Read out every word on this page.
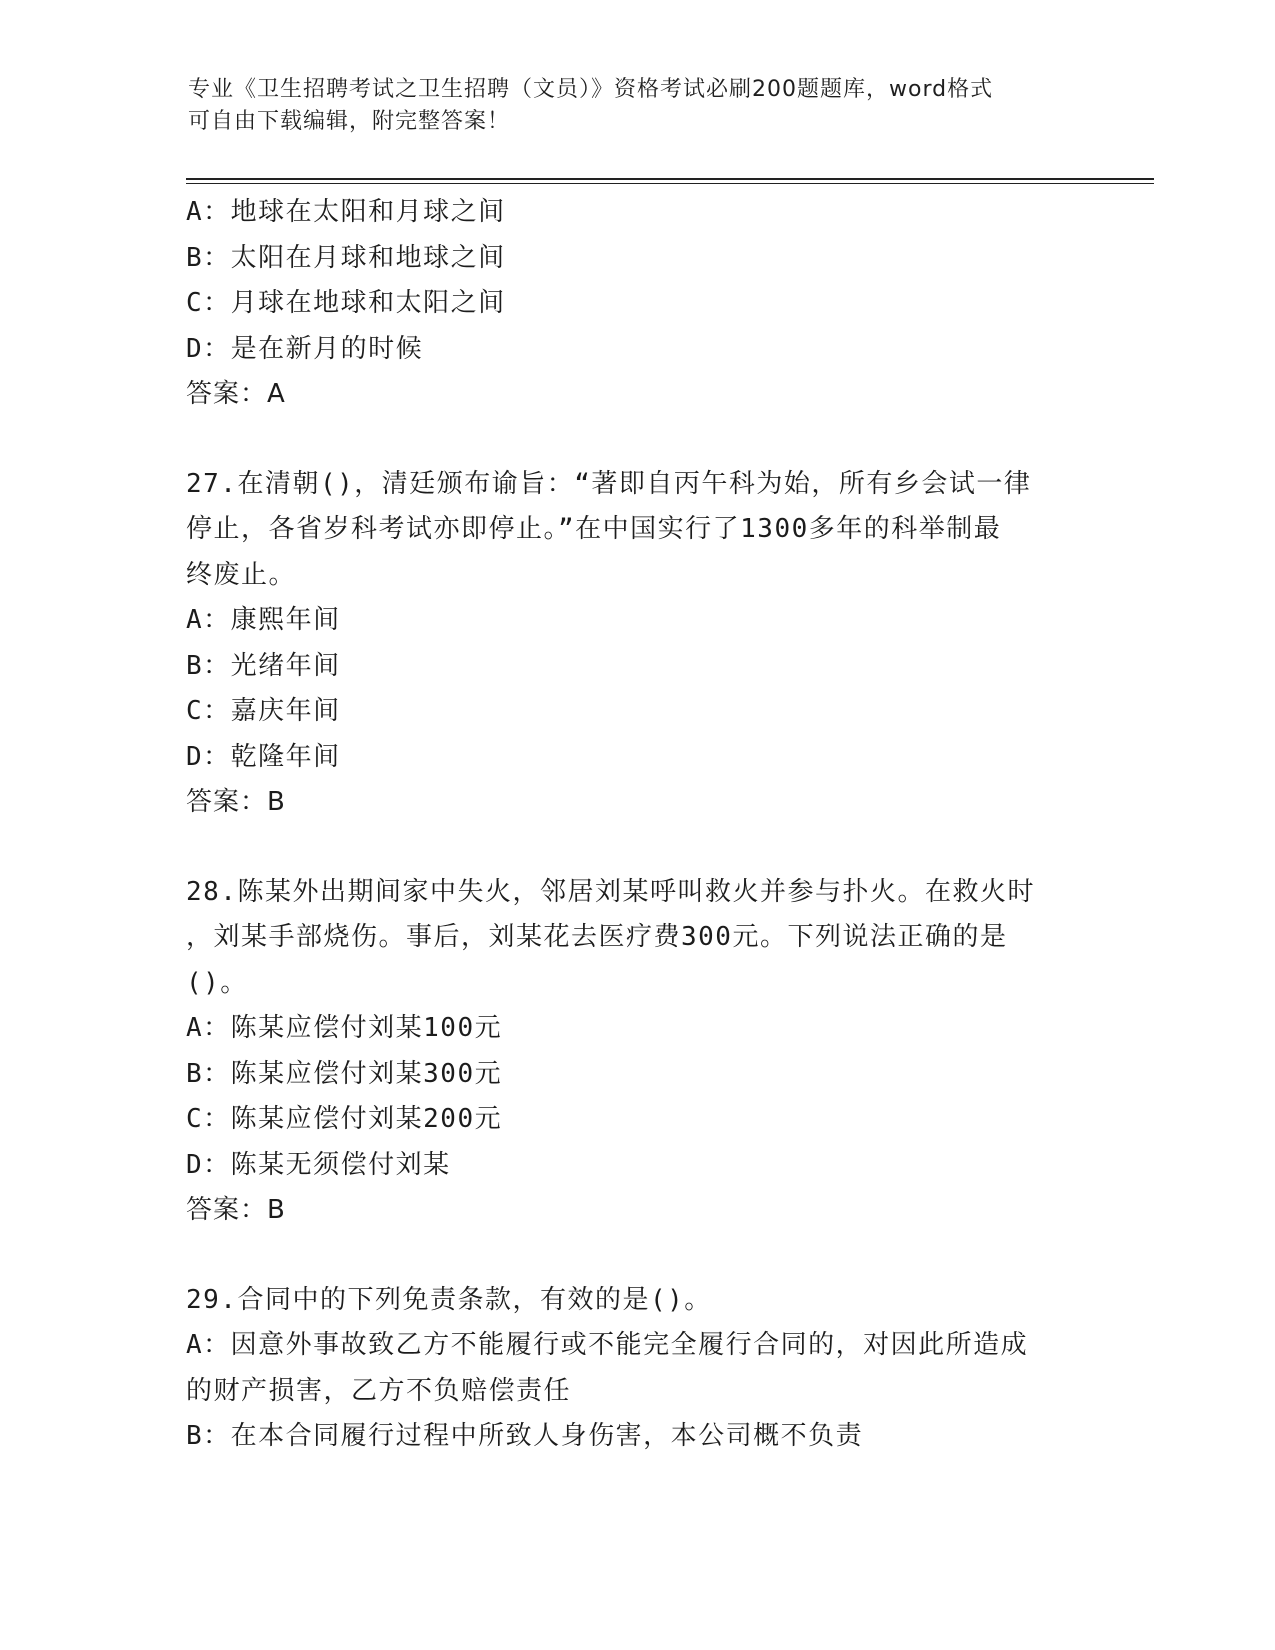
专业《卫生招聘考试之卫生招聘（文员）》资格考试必刷200题题库，word格式
可自由下载编辑，附完整答案！
A：地球在太阳和月球之间
B：太阳在月球和地球之间
C：月球在地球和太阳之间
D：是在新月的时候
答案：A
27.在清朝()，清廷颁布谕旨：“著即自丙午科为始，所有乡会试一律
停止，各省岁科考试亦即停止。”在中国实行了1300多年的科举制最
终废止。
A：康熙年间
B：光绪年间
C：嘉庆年间
D：乾隆年间
答案：B
28.陈某外出期间家中失火，邻居刘某呼叫救火并参与扑火。在救火时
，刘某手部烧伤。事后，刘某花去医疗费300元。下列说法正确的是
()。
A：陈某应偿付刘某100元
B：陈某应偿付刘某300元
C：陈某应偿付刘某200元
D：陈某无须偿付刘某
答案：B
29.合同中的下列免责条款，有效的是()。
A：因意外事故致乙方不能履行或不能完全履行合同的，对因此所造成
的财产损害，乙方不负赔偿责任
B：在本合同履行过程中所致人身伤害，本公司概不负责
